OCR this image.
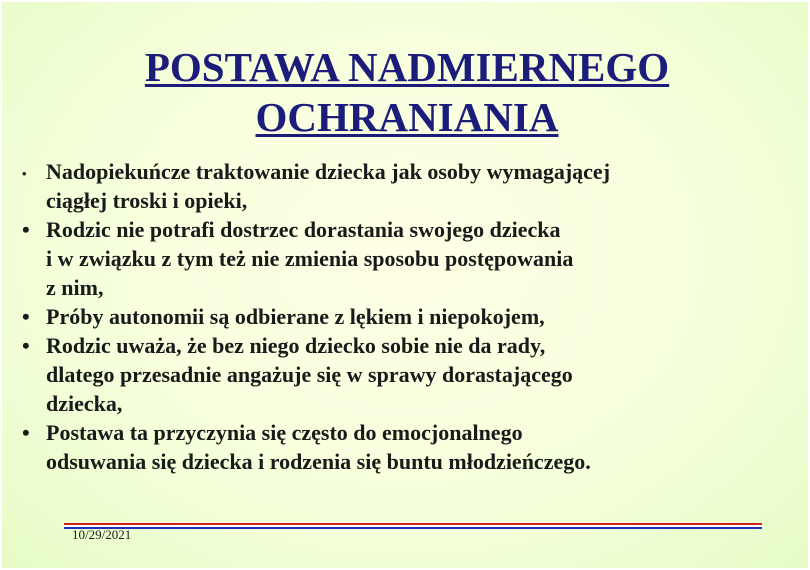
POSTAWA NADMIERNEGO
OCHRANIANIA
• Nadopiekuńcze traktowanie dziecka jak osoby wymagającej
ciągłej troski i opieki,
• Rodzic nie potrafi dostrzec dorastania swojego dziecka
i w związku z tym też nie zmienia sposobu postępowania
z nim,
• Próby autonomii są odbierane z lękiem i niepokojem,
• Rodzic uważa, że bez niego dziecko sobie nie da rady,
dlatego przesadnie angażuje się w sprawy dorastającego
dziecka,
• Postawa ta przyczynia się często do emocjonalnego
odsuwania się dziecka i rodzenia się buntu młodzieńczego.
10/29/2021
